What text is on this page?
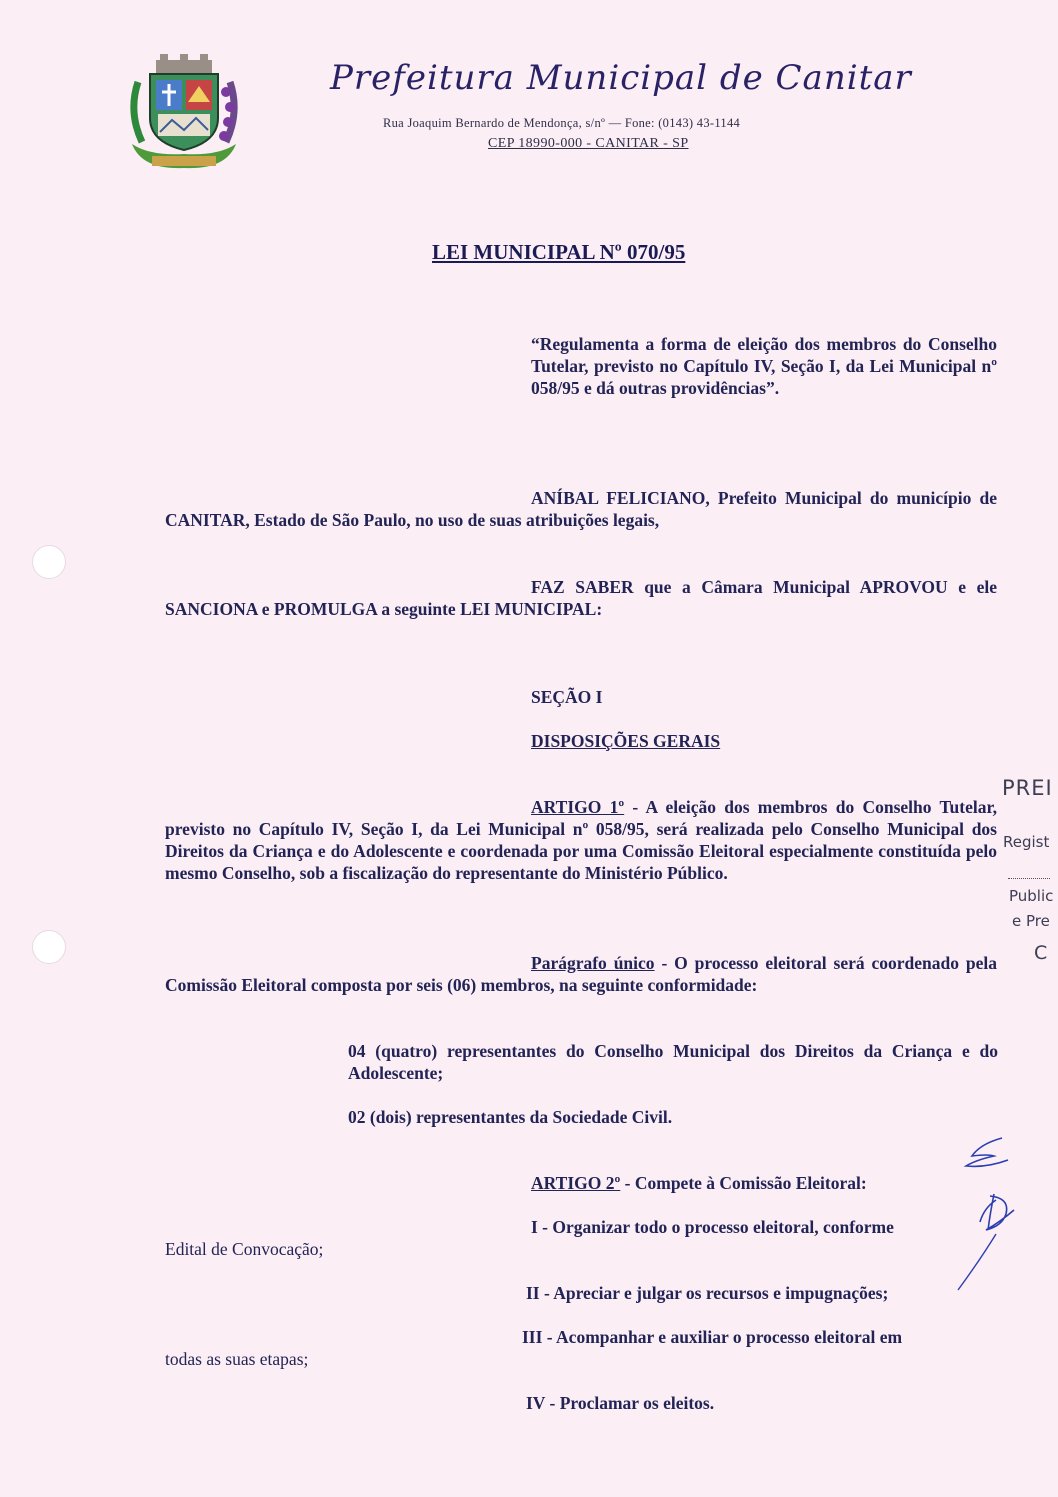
Prefeitura Municipal de Canitar
Rua Joaquim Bernardo de Mendonça, s/nº — Fone: (0143) 43-1144
CEP 18990-000 - CANITAR - SP
LEI MUNICIPAL Nº 070/95
“Regulamenta a forma de eleição dos membros do Conselho Tutelar, previsto no Capítulo IV, Seção I, da Lei Municipal nº 058/95 e dá outras providências”.
ANÍBAL FELICIANO, Prefeito Municipal do município de CANITAR, Estado de São Paulo, no uso de suas atribuições legais,
FAZ SABER que a Câmara Municipal APROVOU e ele SANCIONA e PROMULGA a seguinte LEI MUNICIPAL:
SEÇÃO I
DISPOSIÇÕES GERAIS
ARTIGO 1º - A eleição dos membros do Conselho Tutelar, previsto no Capítulo IV, Seção I, da Lei Municipal nº 058/95, será realizada pelo Conselho Municipal dos Direitos da Criança e do Adolescente e coordenada por uma Comissão Eleitoral especialmente constituída pelo mesmo Conselho, sob a fiscalização do representante do Ministério Público.
Parágrafo único - O processo eleitoral será coordenado pela Comissão Eleitoral composta por seis (06) membros, na seguinte conformidade:
04 (quatro) representantes do Conselho Municipal dos Direitos da Criança e do Adolescente;
02 (dois) representantes da Sociedade Civil.
ARTIGO 2º - Compete à Comissão Eleitoral:
I - Organizar todo o processo eleitoral, conforme
Edital de Convocação;
II - Apreciar e julgar os recursos e impugnações;
III - Acompanhar e auxiliar o processo eleitoral em
todas as suas etapas;
IV - Proclamar os eleitos.
PREI
Regist
Public
e Pre
C
